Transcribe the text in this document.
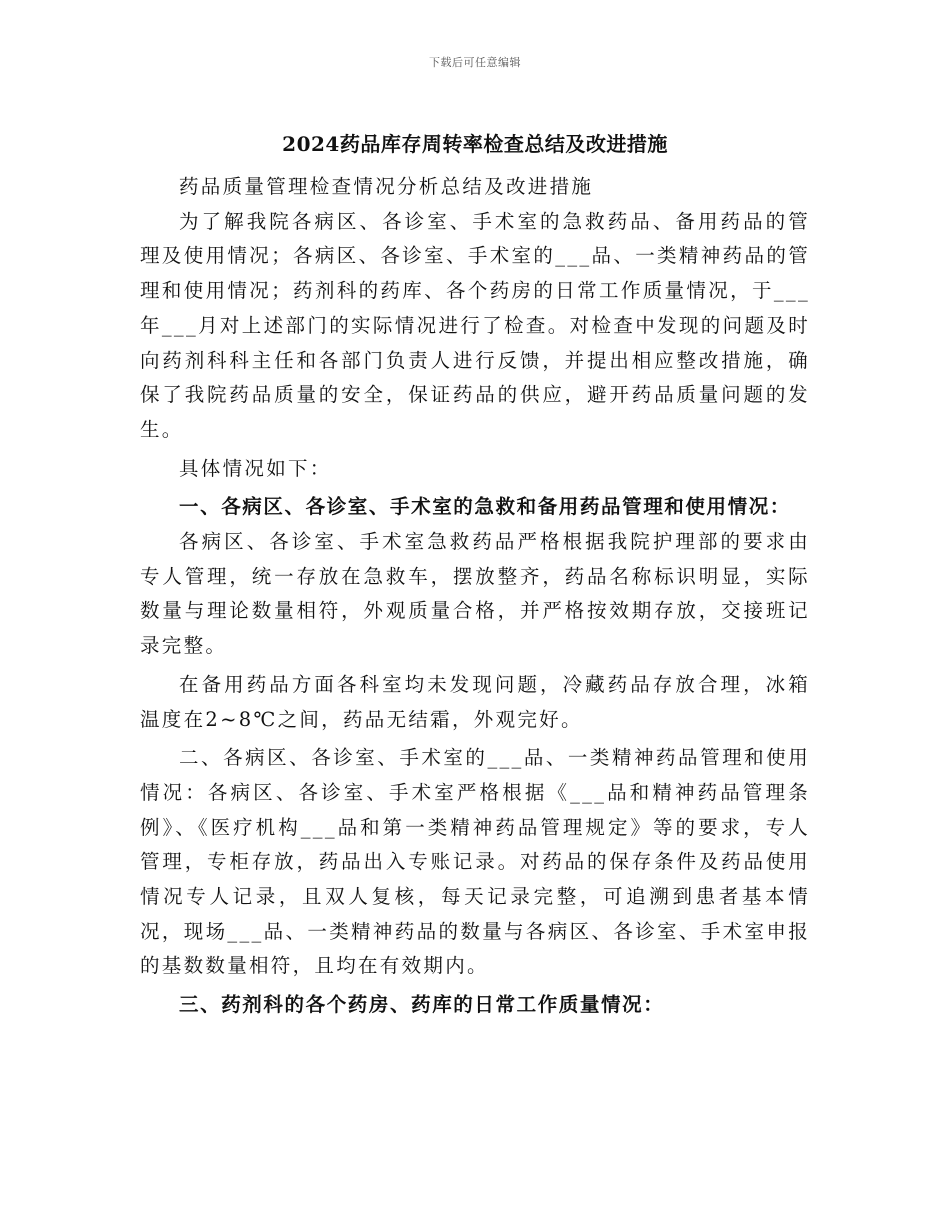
下载后可任意编辑
2024药品库存周转率检查总结及改进措施

药品质量管理检查情况分析总结及改进措施

为了解我院各病区、各诊室、手术室的急救药品、备用药品的管理及使用情况；各病区、各诊室、手术室的___品、一类精神药品的管理和使用情况；药剂科的药库、各个药房的日常工作质量情况，于___年___月对上述部门的实际情况进行了检查。对检查中发现的问题及时向药剂科科主任和各部门负责人进行反馈，并提出相应整改措施，确保了我院药品质量的安全，保证药品的供应，避开药品质量问题的发生。

具体情况如下：

一、各病区、各诊室、手术室的急救和备用药品管理和使用情况：

各病区、各诊室、手术室急救药品严格根据我院护理部的要求由专人管理，统一存放在急救车，摆放整齐，药品名称标识明显，实际数量与理论数量相符，外观质量合格，并严格按效期存放，交接班记录完整。

在备用药品方面各科室均未发现问题，冷藏药品存放合理，冰箱温度在2~8℃之间，药品无结霜，外观完好。

二、各病区、各诊室、手术室的___品、一类精神药品管理和使用情况：各病区、各诊室、手术室严格根据《___品和精神药品管理条例》、《医疗机构___品和第一类精神药品管理规定》等的要求，专人管理，专柜存放，药品出入专账记录。对药品的保存条件及药品使用情况专人记录，且双人复核，每天记录完整，可追溯到患者基本情况，现场___品、一类精神药品的数量与各病区、各诊室、手术室申报的基数数量相符，且均在有效期内。

三、药剂科的各个药房、药库的日常工作质量情况：
